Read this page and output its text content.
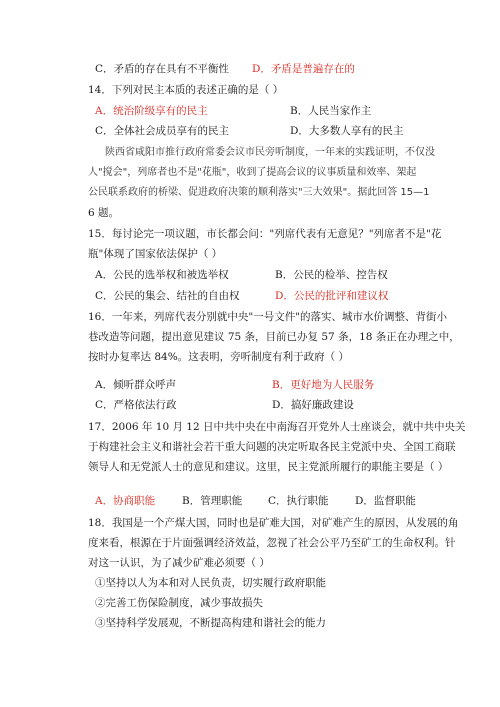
C．矛盾的存在具有不平衡性 D．矛盾是普遍存在的
14．下列对民主本质的表述正确的是（ ）
A．统治阶级享有的民主	B．人民当家作主
C．全体社会成员享有的民主	D．大多数人享有的民主
陕西省咸阳市推行政府常委会议市民旁听制度，一年来的实践证明，不仅没
人"搅会"，列席者也不是"花瓶"，收到了提高会议的议事质量和效率、架起
公民联系政府的桥梁、促进政府决策的顺利落实"三大效果"。据此回答 15—1
6 题。
15．每讨论完一项议题，市长都会问："列席代表有无意见？"列席者不是"花
瓶"体现了国家依法保护（ ）
A．公民的选举权和被选举权	B．公民的检举、控告权
C．公民的集会、结社的自由权	D．公民的批评和建议权
16．一年来，列席代表分别就中央"一号文件"的落实、城市水价调整、背街小
巷改造等问题，提出意见建议 75 条，目前已办复 57 条，18 条正在办理之中，
按时办复率达 84%。这表明，旁听制度有利于政府（ ）
A．倾听群众呼声	B．更好地为人民服务
C．严格依法行政	D．搞好廉政建设
17．2006 年 10 月 12 日中共中央在中南海召开党外人士座谈会，就中共中央关
于构建社会主义和谐社会若干重大问题的决定听取各民主党派中央、全国工商联
领导人和无党派人士的意见和建议。这里，民主党派所履行的职能主要是（ ）
A．协商职能	B．管理职能 C．执行职能	D．监督职能
18．我国是一个产煤大国，同时也是矿难大国，对矿难产生的原因，从发展的角
度来看，根源在于片面强调经济效益，忽视了社会公平乃至矿工的生命权利。针
对这一认识，为了减少矿难必须要（ ）
①坚持以人为本和对人民负责，切实履行政府职能
②完善工伤保险制度，减少事故损失
③坚持科学发展观，不断提高构建和谐社会的能力
